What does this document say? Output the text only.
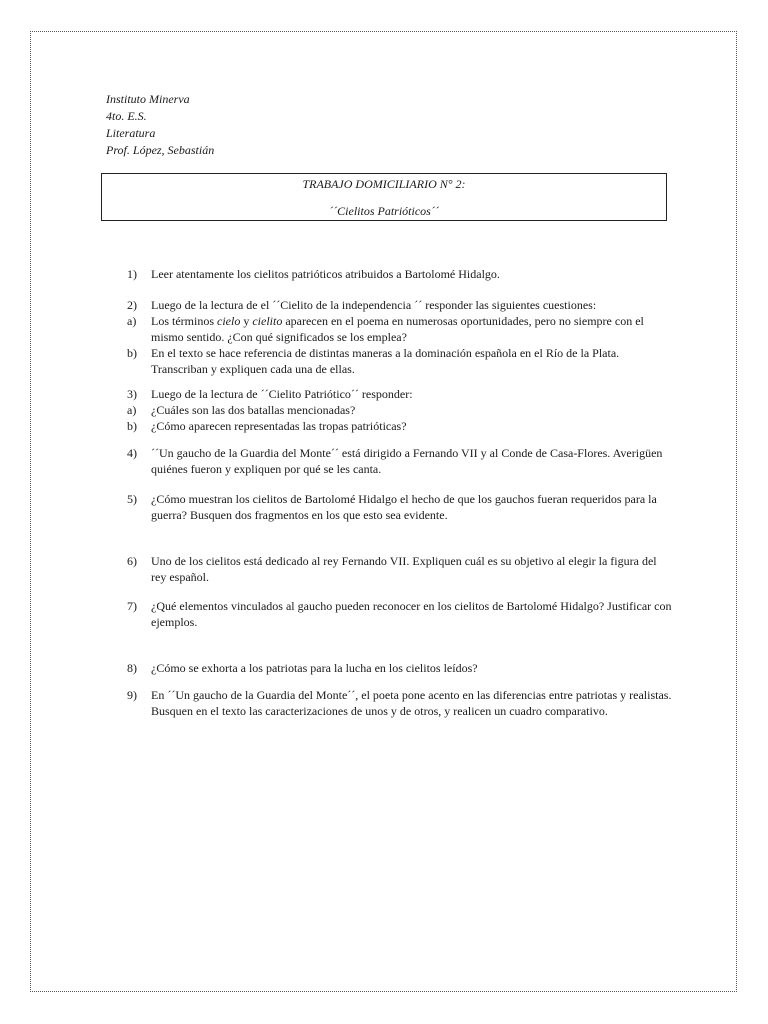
Instituto Minerva
4to. E.S.
Literatura
Prof. López, Sebastián
TRABAJO DOMICILIARIO N° 2:
´´Cielitos Patrióticos´´
1)	Leer atentamente los cielitos patrióticos atribuidos a Bartolomé Hidalgo.
2)	Luego de la lectura de el ´´Cielito de la independencia ´´ responder las siguientes cuestiones:
a)	Los términos cielo y cielito aparecen en el poema en numerosas oportunidades, pero no siempre con el mismo sentido. ¿Con qué significados se los emplea?
b)	En el texto se hace referencia de distintas maneras a la dominación española en el Río de la Plata. Transcriban y expliquen cada una de ellas.
3)	Luego de la lectura de ´´Cielito Patriótico´´ responder:
a)	¿Cuáles son las dos batallas mencionadas?
b)	¿Cómo aparecen representadas las tropas patrióticas?
4)	´´Un gaucho de la Guardia del Monte´´ está dirigido a Fernando VII y al Conde de Casa-Flores. Averigüen quiénes fueron y expliquen por qué se les canta.
5)	¿Cómo muestran los cielitos de Bartolomé Hidalgo el hecho de que los gauchos fueran requeridos para la guerra? Busquen dos fragmentos en los que esto sea evidente.
6)	Uno de los cielitos está dedicado al rey Fernando VII. Expliquen cuál es su objetivo al elegir la figura del rey español.
7)	¿Qué elementos vinculados al gaucho pueden reconocer en los cielitos de Bartolomé Hidalgo? Justificar con ejemplos.
8)	¿Cómo se exhorta a los patriotas para la lucha en los cielitos leídos?
9)	En ´´Un gaucho de la Guardia del Monte´´, el poeta pone acento en las diferencias entre patriotas y realistas. Busquen en el texto las caracterizaciones de unos y de otros, y realicen un cuadro comparativo.
